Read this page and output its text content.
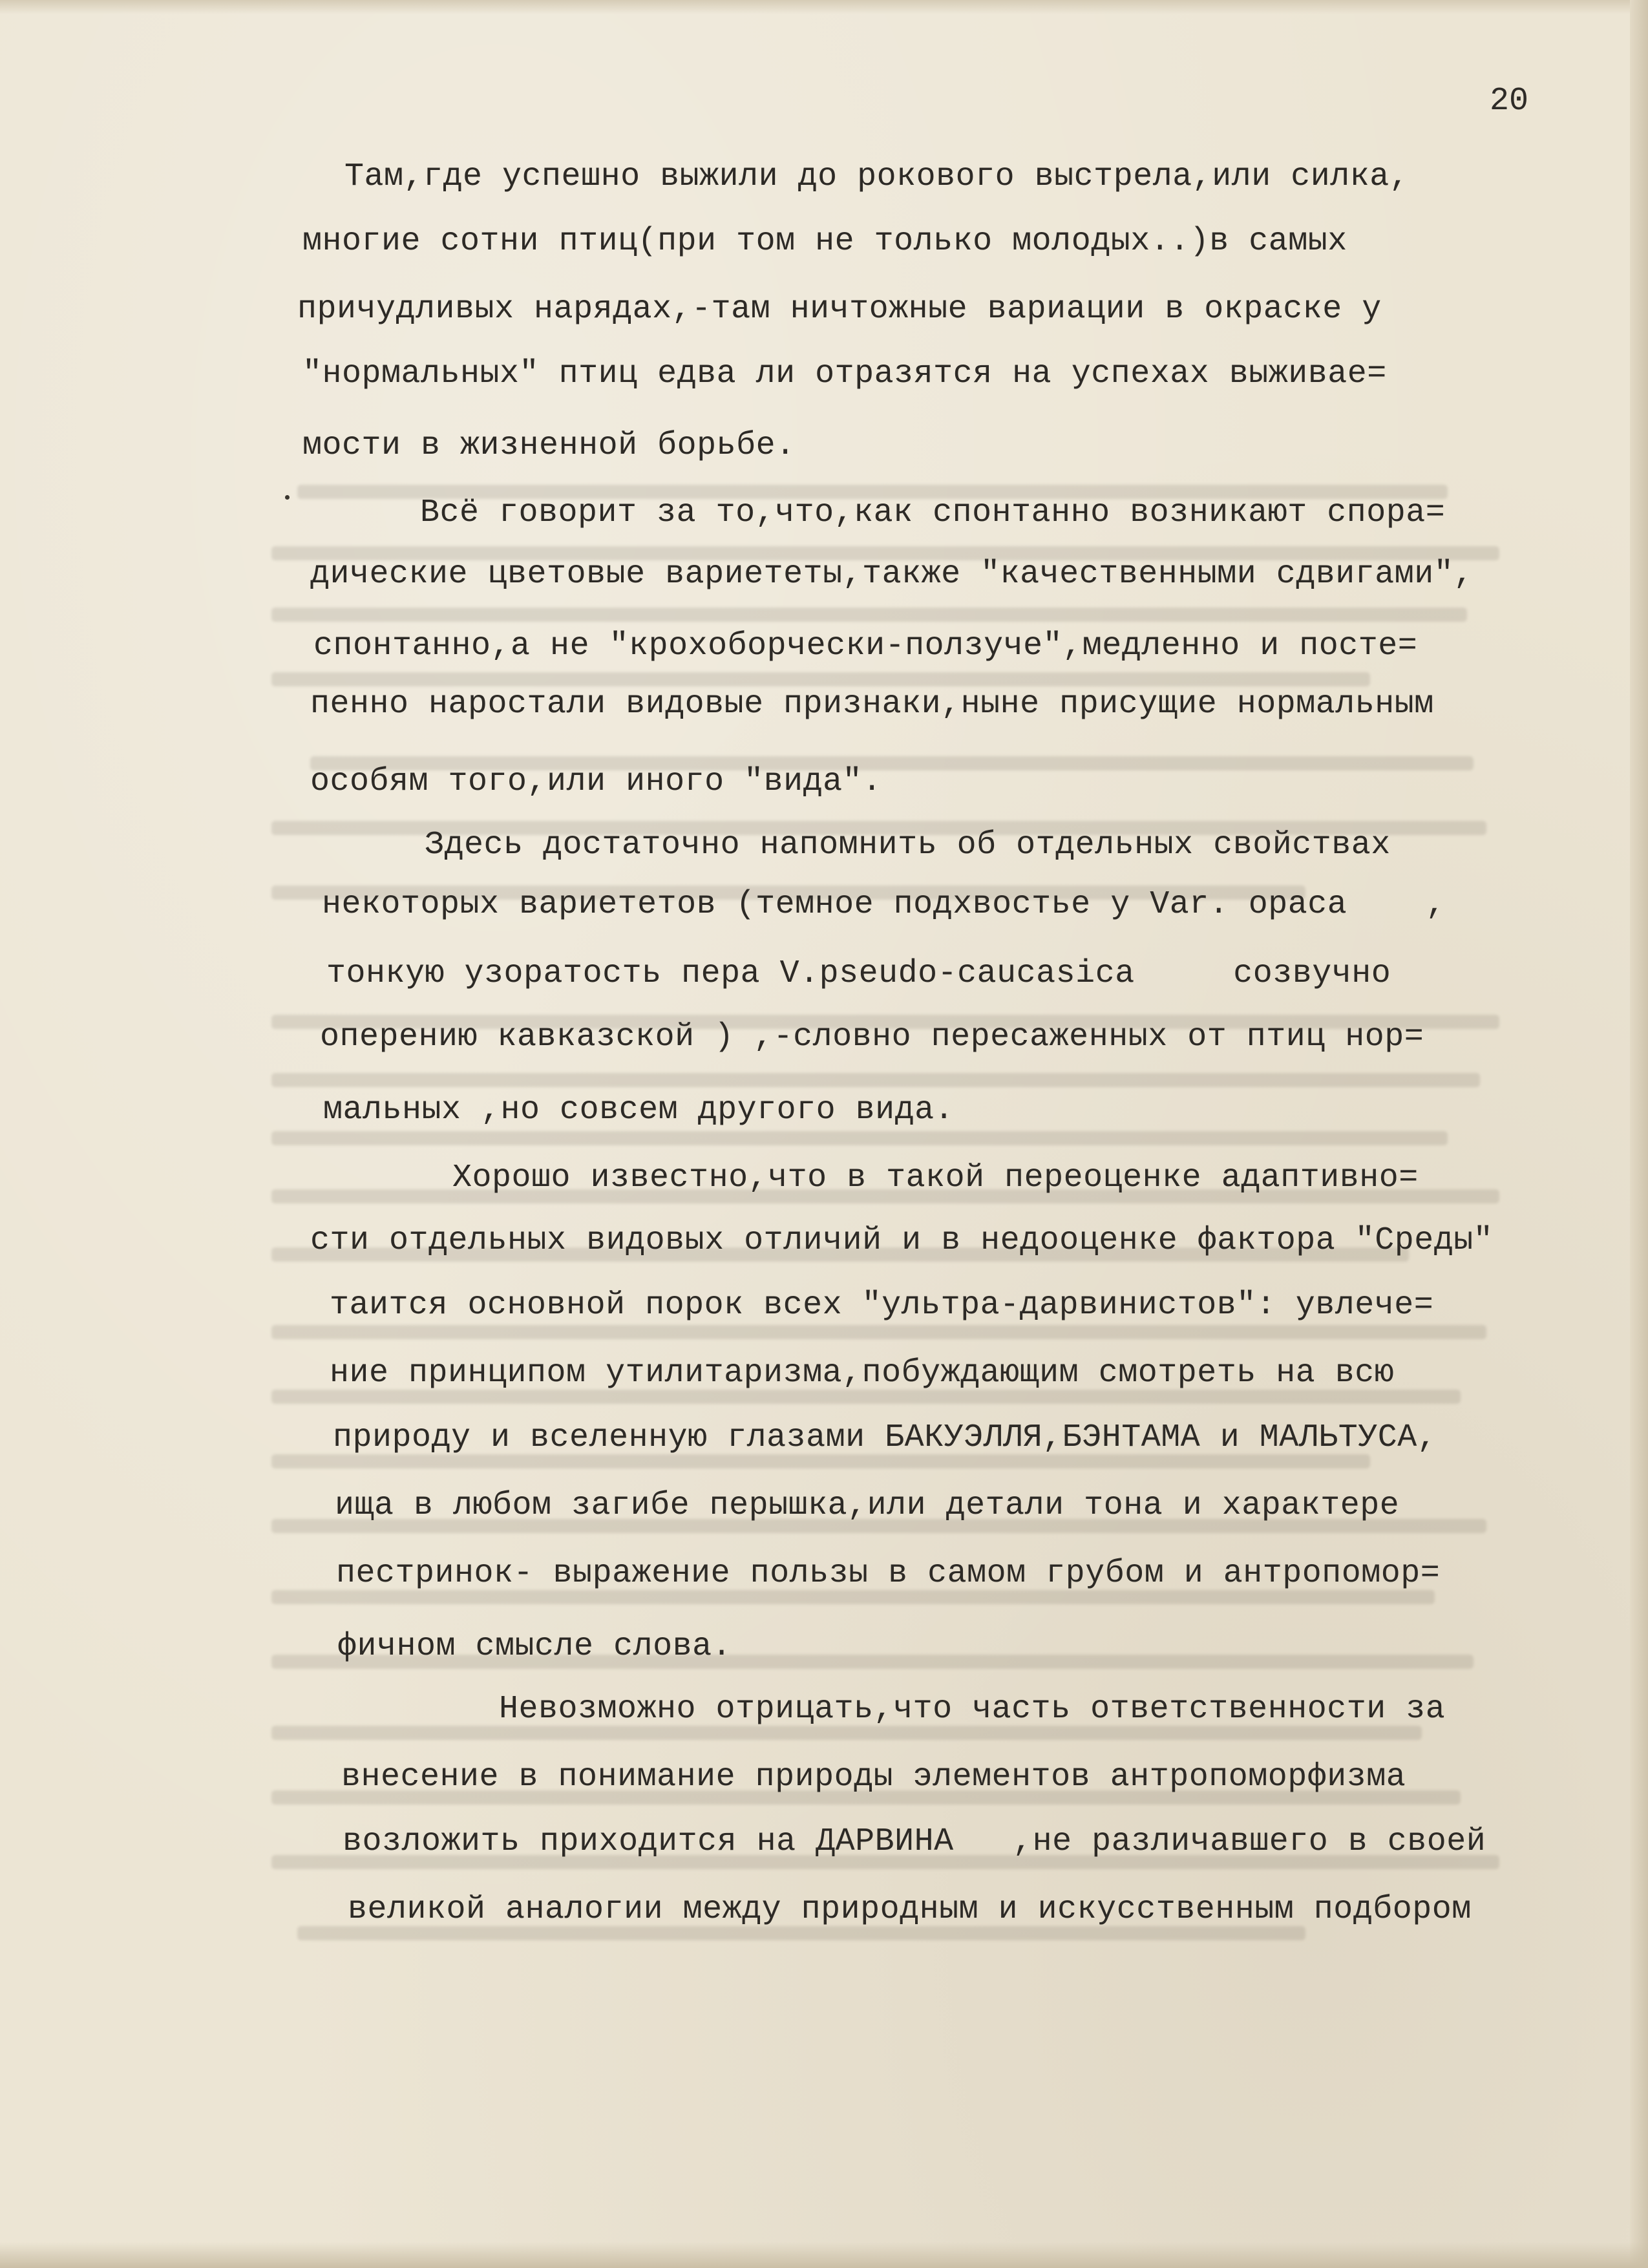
20
Там,где успешно выжили до рокового выстрела,или силка,
многие сотни птиц(при том не только молодых..)в самых
причудливых нарядах,-там ничтожные вариации в окраске у
"нормальных" птиц едва ли отразятся на успехах выживае=
мости в жизненной борьбе.
Всё говорит за то,что,как спонтанно возникают спора=
дические цветовые вариететы,также "качественными сдвигами",
спонтанно,а не "крохоборчески-ползуче",медленно и посте=
пенно наростали видовые признаки,ныне присущие нормальным
особям того,или иного "вида".
Здесь достаточно напомнить об отдельных свойствах
некоторых вариететов (темное подхвостье у Var. opaca    ,
тонкую узоратость пера V.pseudo-caucasica     созвучно
оперению кавказской ) ,-словно пересаженных от птиц нор=
мальных ,но совсем другого вида.
Хорошо известно,что в такой переоценке адаптивно=
сти отдельных видовых отличий и в недооценке фактора "Среды"
таится основной порок всех "ультра-дарвинистов": увлече=
ние принципом утилитаризма,побуждающим смотреть на всю
природу и вселенную глазами БАКУЭЛЛЯ,БЭНТАМА и МАЛЬТУСА,
ища в любом загибе перышка,или детали тона и характере
пестринок- выражение пользы в самом грубом и антропомор=
фичном смысле слова.
Невозможно отрицать,что часть ответственности за
внесение в понимание природы элементов антропоморфизма
возложить приходится на ДАРВИНА   ,не различавшего в своей
великой аналогии между природным и искусственным подбором
